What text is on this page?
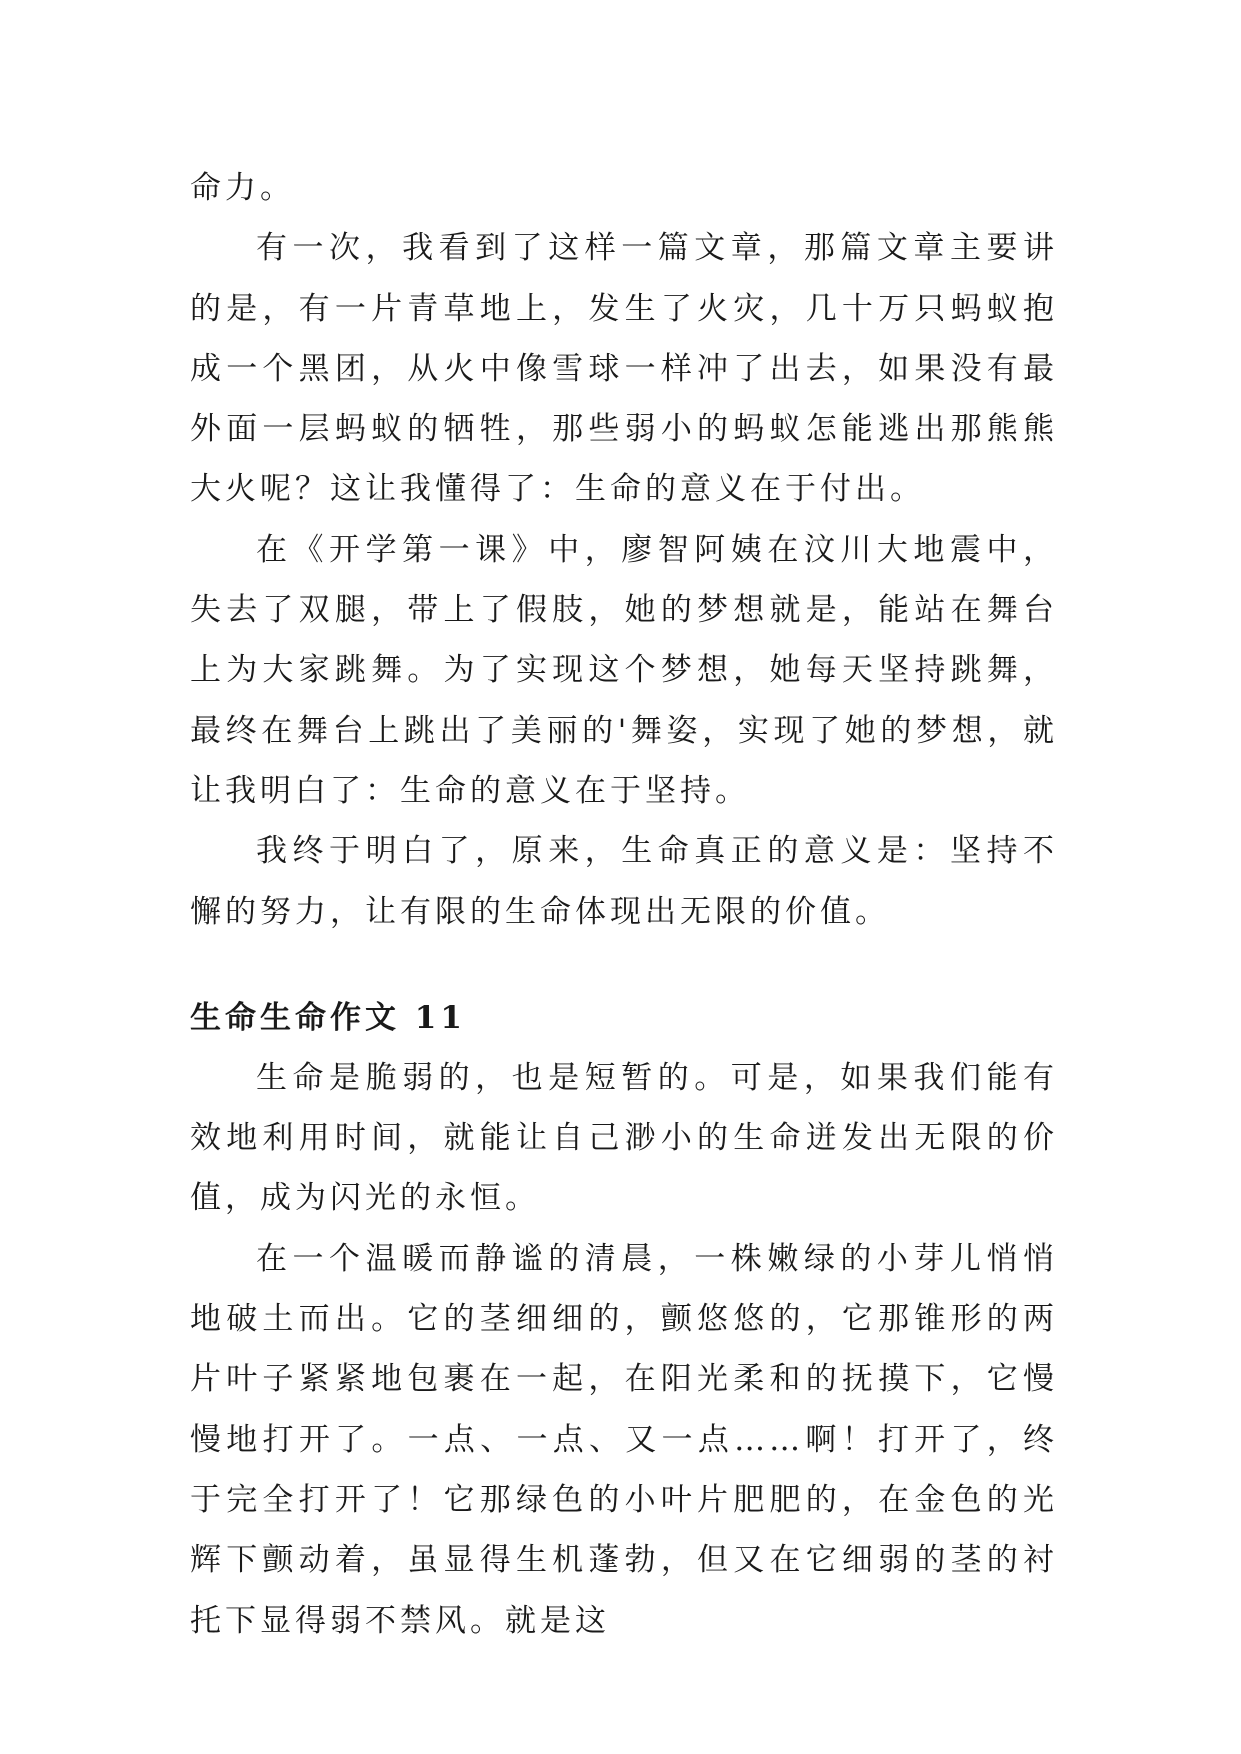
命力。

有一次，我看到了这样一篇文章，那篇文章主要讲的是，有一片青草地上，发生了火灾，几十万只蚂蚁抱成一个黑团，从火中像雪球一样冲了出去，如果没有最外面一层蚂蚁的牺牲，那些弱小的蚂蚁怎能逃出那熊熊大火呢？这让我懂得了：生命的意义在于付出。

在《开学第一课》中，廖智阿姨在汶川大地震中，失去了双腿，带上了假肢，她的梦想就是，能站在舞台上为大家跳舞。为了实现这个梦想，她每天坚持跳舞，最终在舞台上跳出了美丽的'舞姿，实现了她的梦想，就让我明白了：生命的意义在于坚持。

我终于明白了，原来，生命真正的意义是：坚持不懈的努力，让有限的生命体现出无限的价值。

生命生命作文 11

生命是脆弱的，也是短暂的。可是，如果我们能有效地利用时间，就能让自己渺小的生命迸发出无限的价值，成为闪光的永恒。

在一个温暖而静谧的清晨，一株嫩绿的小芽儿悄悄地破土而出。它的茎细细的，颤悠悠的，它那锥形的两片叶子紧紧地包裹在一起，在阳光柔和的抚摸下，它慢慢地打开了。一点、一点、又一点……啊！打开了，终于完全打开了！它那绿色的小叶片肥肥的，在金色的光辉下颤动着，虽显得生机蓬勃，但又在它细弱的茎的衬托下显得弱不禁风。就是这
